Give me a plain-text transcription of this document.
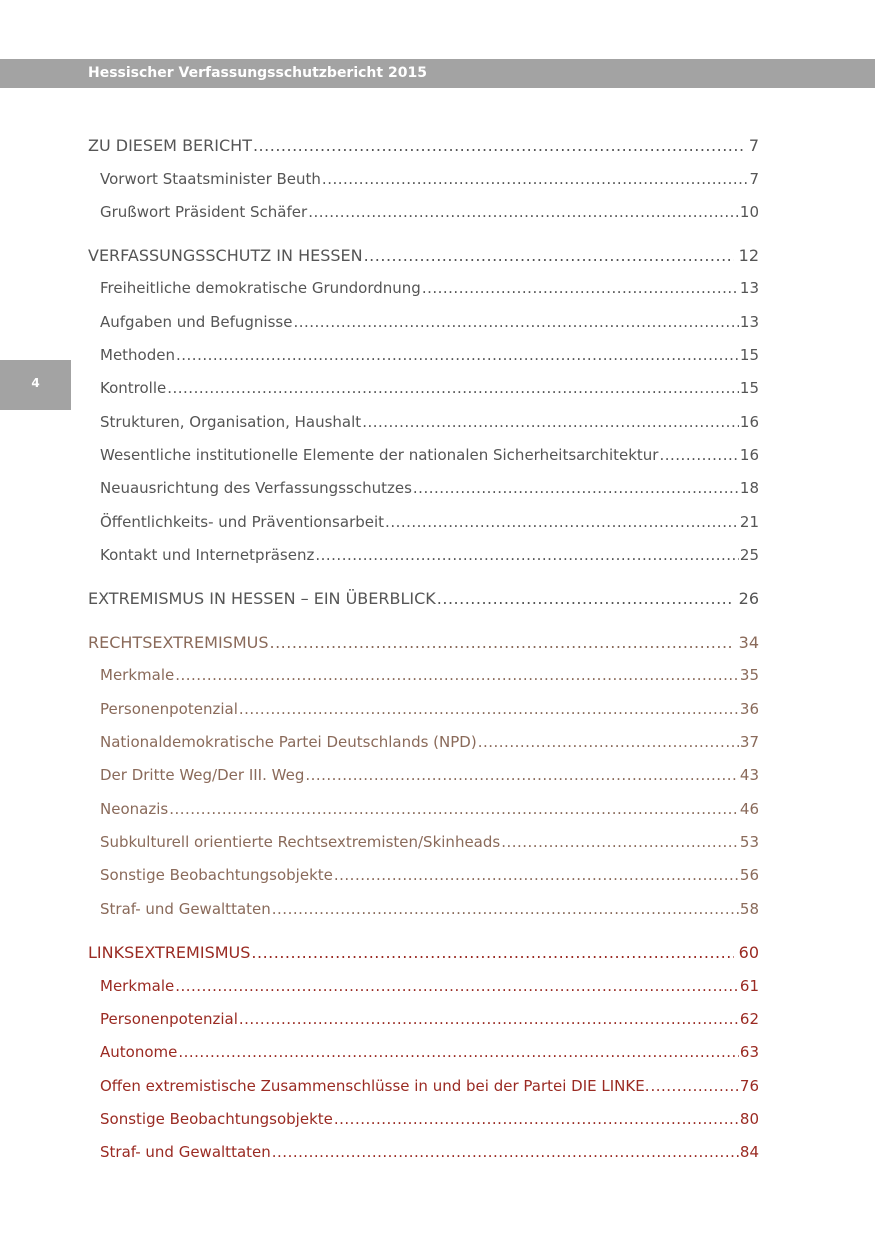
Hessischer Verfassungsschutzbericht 2015
4
ZU DIESEM BERICHT .....	7
Vorwort Staatsminister Beuth .....	7
Grußwort Präsident Schäfer .....	10
VERFASSUNGSSCHUTZ IN HESSEN .....	12
Freiheitliche demokratische Grundordnung .....	13
Aufgaben und Befugnisse .....	13
Methoden .....	15
Kontrolle .....	15
Strukturen, Organisation, Haushalt .....	16
Wesentliche institutionelle Elemente der nationalen Sicherheitsarchitektur .....	16
Neuausrichtung des Verfassungsschutzes .....	18
Öffentlichkeits- und Präventionsarbeit .....	21
Kontakt und Internetpräsenz .....	25
EXTREMISMUS IN HESSEN – EIN ÜBERBLICK .....	26
RECHTSEXTREMISMUS .....	34
Merkmale .....	35
Personenpotenzial .....	36
Nationaldemokratische Partei Deutschlands (NPD) .....	37
Der Dritte Weg/Der III. Weg .....	43
Neonazis .....	46
Subkulturell orientierte Rechtsextremisten/Skinheads .....	53
Sonstige Beobachtungsobjekte .....	56
Straf- und Gewalttaten .....	58
LINKSEXTREMISMUS .....	60
Merkmale .....	61
Personenpotenzial .....	62
Autonome .....	63
Offen extremistische Zusammenschlüsse in und bei der Partei DIE LINKE. .....	76
Sonstige Beobachtungsobjekte .....	80
Straf- und Gewalttaten .....	84
